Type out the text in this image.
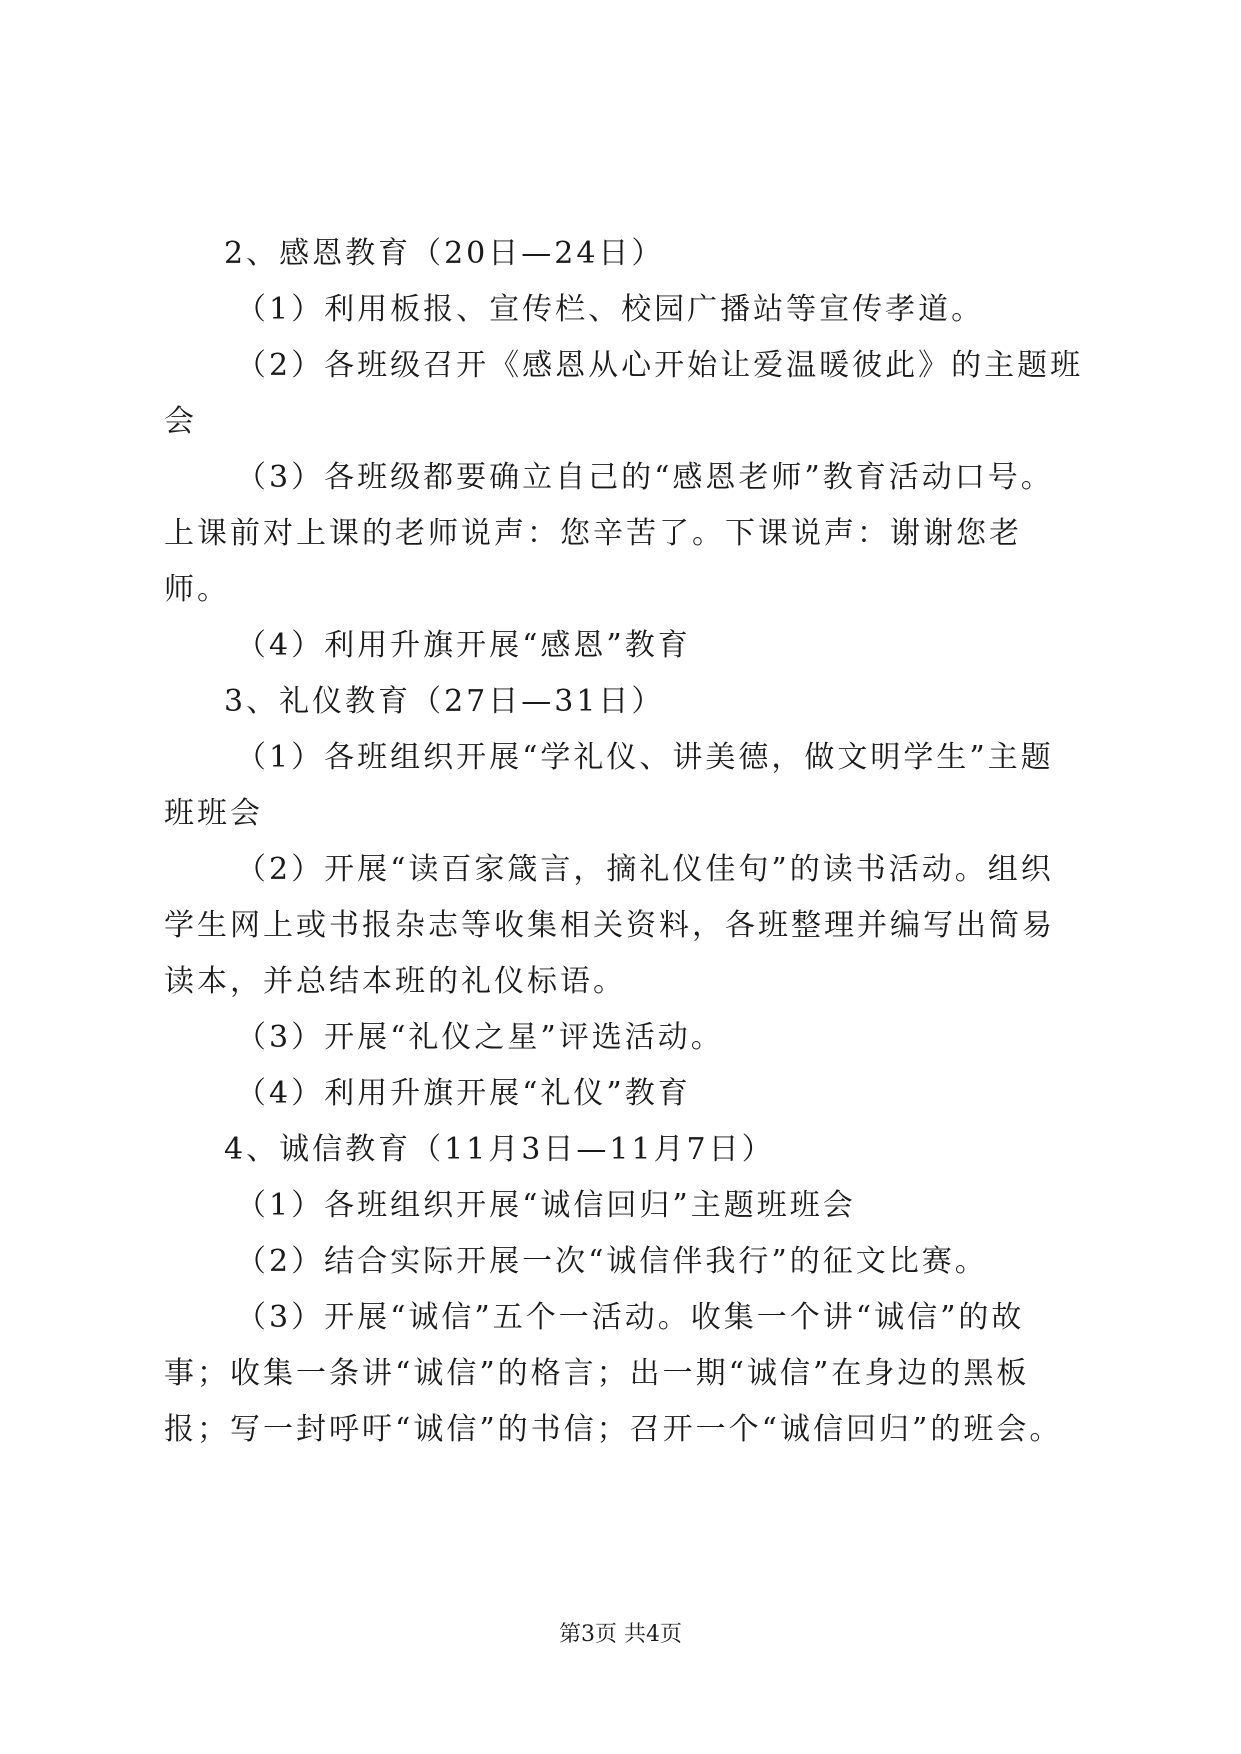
2、感恩教育（20日—24日）

（1）利用板报、宣传栏、校园广播站等宣传孝道。

（2）各班级召开《感恩从心开始让爱温暖彼此》的主题班会

（3）各班级都要确立自己的“感恩老师”教育活动口号。上课前对上课的老师说声：您辛苦了。下课说声：谢谢您老师。

（4）利用升旗开展“感恩”教育

3、礼仪教育（27日—31日）

（1）各班组织开展“学礼仪、讲美德，做文明学生”主题班班会

（2）开展“读百家箴言，摘礼仪佳句”的读书活动。组织学生网上或书报杂志等收集相关资料，各班整理并编写出简易读本，并总结本班的礼仪标语。

（3）开展“礼仪之星”评选活动。

（4）利用升旗开展“礼仪”教育

4、诚信教育（11月3日—11月7日）

（1）各班组织开展“诚信回归”主题班班会

（2）结合实际开展一次“诚信伴我行”的征文比赛。

（3）开展“诚信”五个一活动。收集一个讲“诚信”的故事；收集一条讲“诚信”的格言；出一期“诚信”在身边的黑板报；写一封呼吁“诚信”的书信；召开一个“诚信回归”的班会。

第3页 共4页
